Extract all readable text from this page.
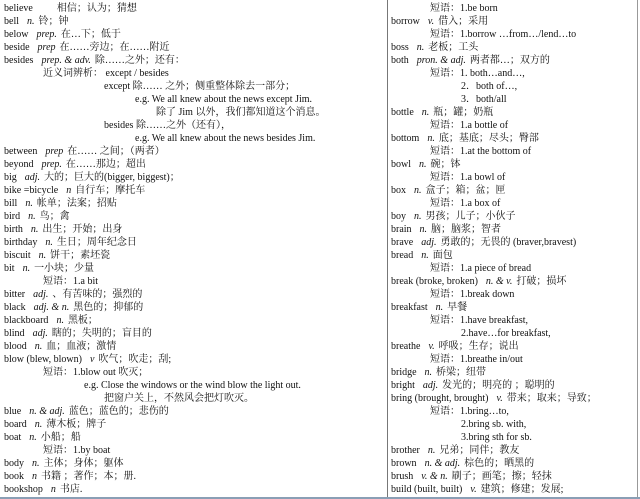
believe 相信；认为；猜想
bell n. 铃；钟
below prep. 在…下；低于
beside prep 在……旁边；在……附近
besides prep. & adv. 除……之外；还有：
近义词辨析： except / besides
except 除…… 之外；侧重整体除去一部分；
e.g. We all knew about the news except Jim.
除了 Jim 以外，我们都知道这个消息。
besides 除……之外（还有），
e.g. We all knew about the news besides Jim.
between prep 在…… 之间；（两者）
beyond prep. 在……那边；超出
big adj. 大的；巨大的(bigger, biggest)；
bike =bicycle n 自行车；摩托车
bill n. 帐单；法案；招贴
bird n. 鸟；禽
birth n. 出生；开始；出身
birthday n. 生日；周年纪念日
biscuit n. 饼干；素坯瓷
bit n. 一小块；少量
短语：1.a bit
bitter adj. 、有苦味的；强烈的
black adj. & n. 黑色的；抑郁的
blackboard n. 黑板；
blind adj. 瞎的；失明的；盲目的
blood n. 血；血液；激情
blow (blew, blown) v 吹气；吹走；刮;
短语：1.blow out 吹灭；
e.g. Close the windows or the wind blow the light out.
把窗户关上，不然风会把灯吹灭。
blue n. & adj. 蓝色；蓝色的；悲伤的
board n. 薄木板；牌子
boat n. 小船；船
短语：1.by boat
body n. 主体；身体；躯体
book n 书籍 ；著作；本；册.
bookshop n 书店.
短语：1.be born
borrow v. 借入；采用
短语：1.borrow …from…/lend…to
boss n. 老板；工头
both pron. & adj. 两者都…；双方的
短语：1. both…and…,
2．both of…,
3．both/all
bottle n. 瓶；罐；奶瓶
短语：1.a bottle of
bottom n. 底；基底；尽头；臀部
短语：1.at the bottom of
bowl n. 碗；钵
短语：1.a bowl of
box n. 盒子；箱；盆；匣
短语：1.a box of
boy n. 男孩；儿子；小伙子
brain n. 脑；脑浆；智者
brave adj. 勇敢的；无畏的 (braver,bravest)
bread n. 面包
短语：1.a piece of bread
break (broke, broken) n. & v. 打破；损坏
短语：1.break down
breakfast n. 早餐
短语：1.have breakfast,
2.have…for breakfast,
breathe v. 呼吸；生存；说出
短语：1.breathe in/out
bridge n. 桥梁；纽带
bright adj. 发光的；明亮的 ；聪明的
bring (brought, brought) v. 带来；取来；导致；
短语：1.bring…to,
2.bring sb. with,
3.bring sth for sb.
brother n. 兄弟；同伴；教友
brown n. & adj. 棕色的；晒黑的
brush v. & n. 刷子；画笔；擦；轻抹
build (built, built) v. 建筑；修建；发展;
